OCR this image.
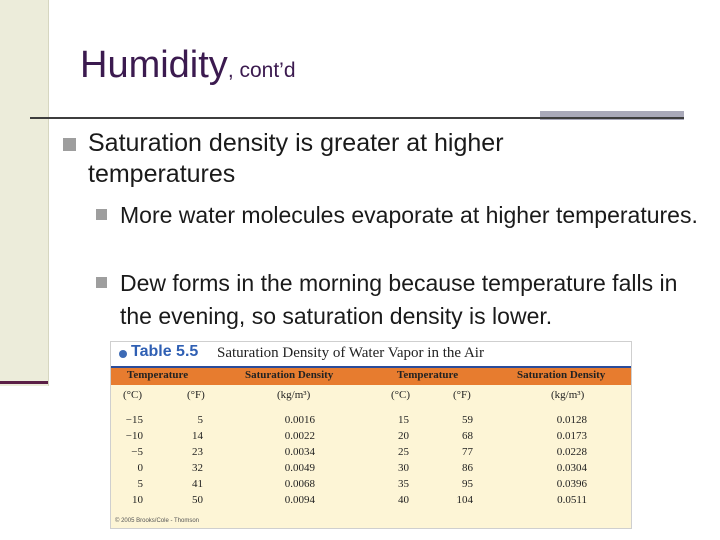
Humidity, cont’d
Saturation density is greater at higher temperatures
More water molecules evaporate at higher temperatures.
Dew forms in the morning because temperature falls in the evening, so saturation density is lower.
Table 5.5 Saturation Density of Water Vapor in the Air
Temperature	Saturation Density	Temperature	Saturation Density
(°C)	(°F)	(kg/m³)	(°C)	(°F)	(kg/m³)
−15	5	0.0016	15	59	0.0128
−10	14	0.0022	20	68	0.0173
−5	23	0.0034	25	77	0.0228
0	32	0.0049	30	86	0.0304
5	41	0.0068	35	95	0.0396
10	50	0.0094	40	104	0.0511
© 2005 Brooks/Cole - Thomson
